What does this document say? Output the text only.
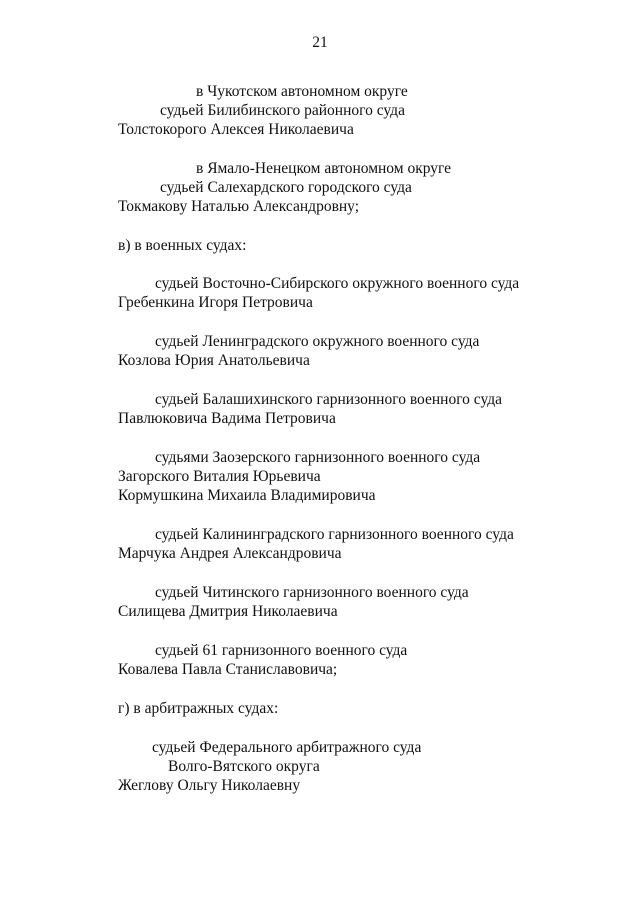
21
в Чукотском автономном округе
судьей Билибинского районного суда
Толстокорого Алексея Николаевича
в Ямало-Ненецком автономном округе
судьей Салехардского городского суда
Токмакову Наталью Александровну;
в) в военных судах:
судьей Восточно-Сибирского окружного военного суда
Гребенкина Игоря Петровича
судьей Ленинградского окружного военного суда
Козлова Юрия Анатольевича
судьей Балашихинского гарнизонного военного суда
Павлюковича Вадима Петровича
судьями Заозерского гарнизонного военного суда
Загорского Виталия Юрьевича
Кормушкина Михаила Владимировича
судьей Калининградского гарнизонного военного суда
Марчука Андрея Александровича
судьей Читинского гарнизонного военного суда
Силищева Дмитрия Николаевича
судьей 61 гарнизонного военного суда
Ковалева Павла Станиславовича;
г) в арбитражных судах:
судьей Федерального арбитражного суда
Волго-Вятского округа
Жеглову Ольгу Николаевну
